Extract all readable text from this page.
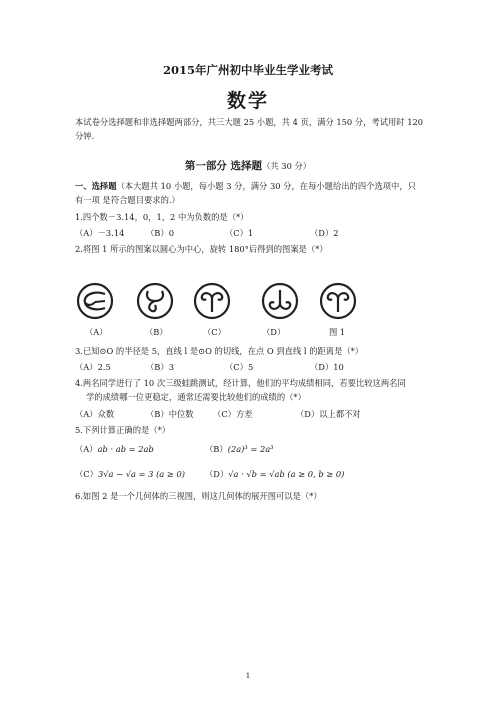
2015年广州初中毕业生学业考试
数学
本试卷分选择题和非选择题两部分，共三大题 25 小题，共 4 页，满分 150 分，考试用时 120
分钟.
第一部分 选择题（共 30 分）
一、选择题（本大题共 10 小题，每小题 3 分，满分 30 分，在每小题给出的四个选项中，只
有一项 是符合题目要求的.）
1.四个数－3.14，0，1，2 中为负数的是（*）
（A）－3.14	（B）0	（C）1	（D）2
2.将图 1 所示的图案以圆心为中心，旋转 180°后得到的图案是（*）
（A）	（B）	（C）	（D）	图 1
3.已知⊙O 的半径是 5，直线 l 是⊙O 的切线，在点 O 到直线 l 的距离是（*）
（A）2.5	（B）3	（C）5	（D）10
4.两名同学进行了 10 次三级蛙跳测试，经计算，他们的平均成绩相同，若要比较这两名同
学的成绩哪一位更稳定，通常还需要比较他们的成绩的（*）
（A）众数	（B）中位数 （C）方差	（D）以上都不对
5.下列计算正确的是（*）
（A）ab · ab = 2ab	（B）(2a)³ = 2a³
（C）3√a − √a = 3 (a ≥ 0) （D）√a · √b = √ab (a ≥ 0, b ≥ 0)
6.如图 2 是一个几何体的三视图，则这几何体的展开图可以是（*）
1
